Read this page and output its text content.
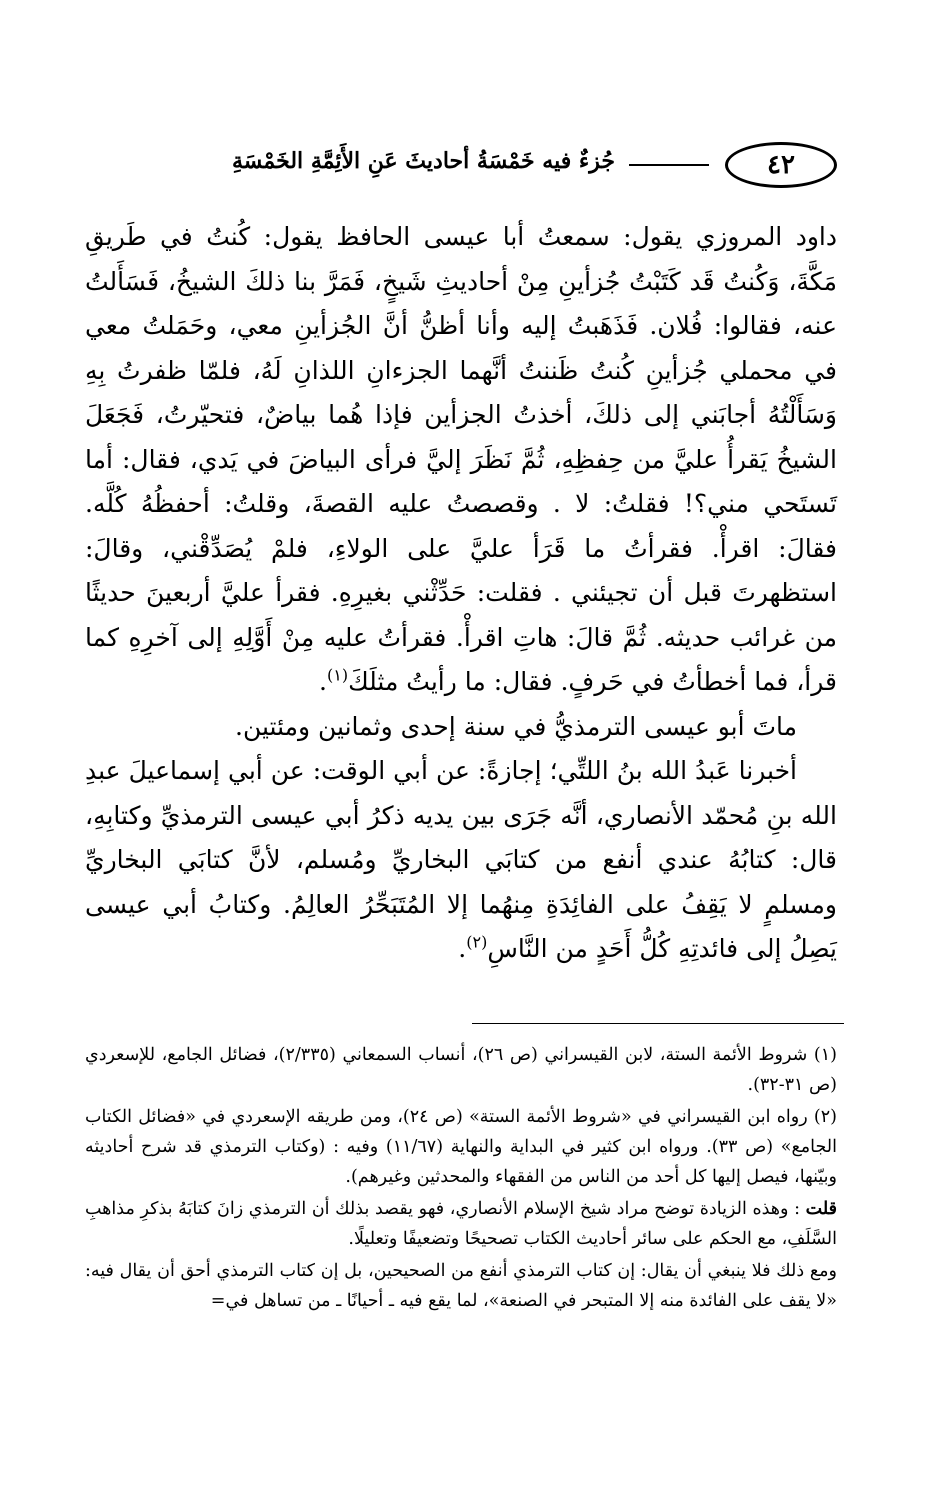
٤٢
جُزءٌ فيه خَمْسَةُ أحاديثَ عَنِ الأَئِمَّةِ الخَمْسَةِ

داود المروزي يقول: سمعتُ أبا عيسى الحافظ يقول: كُنتُ في طَريقِ مَكَّةَ، وَكُنتُ قَد كَتَبْتُ جُزأينِ مِنْ أحاديثِ شَيخٍ، فَمَرَّ بنا ذلكَ الشيخُ، فَسَأَلتُ عنه، فقالوا: فُلان. فَذَهَبتُ إليه وأنا أظنُّ أنَّ الجُزأينِ معي، وحَمَلتُ معي في محملي جُزأينِ كُنتُ ظَننتُ أنَّهما الجزءانِ اللذانِ لَهُ، فلمّا ظفرتُ بِهِ وَسَأَلْتُهُ أجابَني إلى ذلكَ، أخذتُ الجزأين فإذا هُما بياضٌ، فتحيّرتُ، فَجَعَلَ الشيخُ يَقرأُ عليَّ من حِفظِهِ، ثُمَّ نَظَرَ إليَّ فرأى البياضَ في يَدي، فقال: أما تَستَحي مني؟! فقلتُ: لا . وقصصتُ عليه القصةَ، وقلتُ: أحفظُهُ كُلَّه. فقالَ: اقرأْ. فقرأتُ ما قَرَأ عليَّ على الولاءِ، فلمْ يُصَدِّقْني، وقالَ: استظهرتَ قبل أن تجيئني . فقلت: حَدِّثْني بغيرِهِ. فقرأ عليَّ أربعينَ حديثًا من غرائب حديثه. ثُمَّ قالَ: هاتِ اقرأْ. فقرأتُ عليه مِنْ أَوَّلِهِ إلى آخرِهِ كما قرأ، فما أخطأتُ في حَرفٍ. فقال: ما رأيتُ مثلَكَ$^{(١)}$.

ماتَ أبو عيسى الترمذيُّ في سنة إحدى وثمانين ومئتين.

أخبرنا عَبدُ الله بنُ اللتِّي؛ إجازةً: عن أبي الوقت: عن أبي إسماعيلَ عبدِ الله بنِ مُحمّد الأنصاري، أنَّه جَرَى بين يديه ذكرُ أبي عيسى الترمذيِّ وكتابِهِ، قال: كتابُهُ عندي أنفع من كتابَي البخاريِّ ومُسلم، لأنَّ كتابَي البخاريِّ ومسلمٍ لا يَقِفُ على الفائِدَةِ مِنهُما إلا المُتَبَحِّرُ العالِمُ. وكتابُ أبي عيسى يَصِلُ إلى فائدتِهِ كُلُّ أَحَدٍ من النَّاسِ$^{(٢)}$.

(١) شروط الأئمة الستة، لابن القيسراني (ص ٢٦)، أنساب السمعاني (٢/٣٣٥)، فضائل الجامع، للإسعردي (ص ٣١-٣٢).

(٢) رواه ابن القيسراني في «شروط الأئمة الستة» (ص ٢٤)، ومن طريقه الإسعردي في «فضائل الكتاب الجامع» (ص ٣٣). ورواه ابن كثير في البداية والنهاية (١١/٦٧) وفيه : (وكتاب الترمذي قد شرح أحاديثه وبيّنها، فيصل إليها كل أحد من الناس من الفقهاء والمحدثين وغيرهم).

قلت : وهذه الزيادة توضح مراد شيخ الإسلام الأنصاري، فهو يقصد بذلك أن الترمذي زانَ كتابَهُ بذكرِ مذاهبِ السَّلَفِ، مع الحكم على سائر أحاديث الكتاب تصحيحًا وتضعيفًا وتعليلًا.

ومع ذلك فلا ينبغي أن يقال: إن كتاب الترمذي أنفع من الصحيحين، بل إن كتاب الترمذي أحق أن يقال فيه: «لا يقف على الفائدة منه إلا المتبحر في الصنعة»، لما يقع فيه ـ أحيانًا ـ من تساهل في=
